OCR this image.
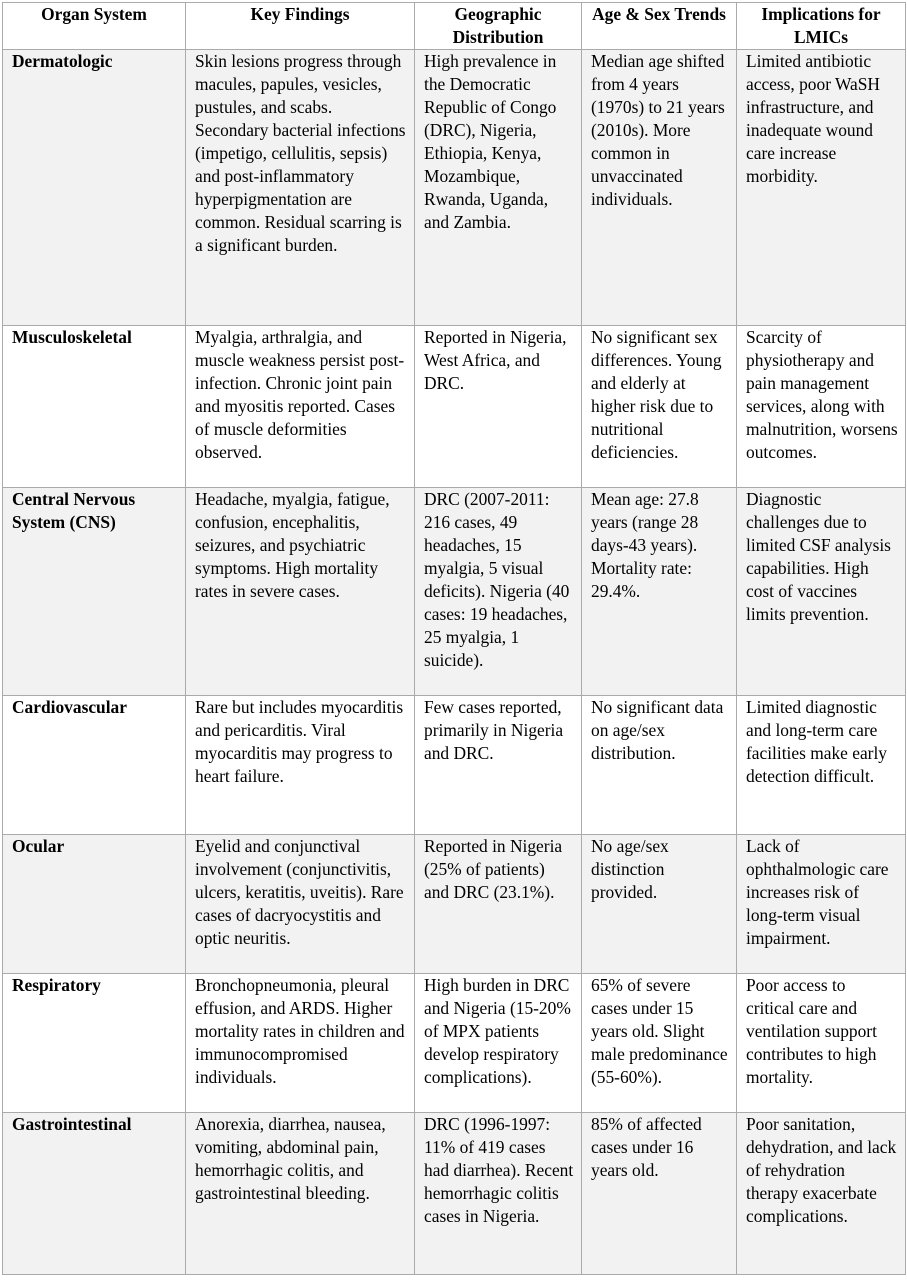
Organ System	Key Findings	Geographic Distribution	Age & Sex Trends	Implications for LMICs
Dermatologic	Skin lesions progress through macules, papules, vesicles, pustules, and scabs. Secondary bacterial infections (impetigo, cellulitis, sepsis) and post-inflammatory hyperpigmentation are common. Residual scarring is a significant burden.	High prevalence in the Democratic Republic of Congo (DRC), Nigeria, Ethiopia, Kenya, Mozambique, Rwanda, Uganda, and Zambia.	Median age shifted from 4 years (1970s) to 21 years (2010s). More common in unvaccinated individuals.	Limited antibiotic access, poor WaSH infrastructure, and inadequate wound care increase morbidity.
Musculoskeletal	Myalgia, arthralgia, and muscle weakness persist post-infection. Chronic joint pain and myositis reported. Cases of muscle deformities observed.	Reported in Nigeria, West Africa, and DRC.	No significant sex differences. Young and elderly at higher risk due to nutritional deficiencies.	Scarcity of physiotherapy and pain management services, along with malnutrition, worsens outcomes.
Central Nervous System (CNS)	Headache, myalgia, fatigue, confusion, encephalitis, seizures, and psychiatric symptoms. High mortality rates in severe cases.	DRC (2007-2011: 216 cases, 49 headaches, 15 myalgia, 5 visual deficits). Nigeria (40 cases: 19 headaches, 25 myalgia, 1 suicide).	Mean age: 27.8 years (range 28 days-43 years). Mortality rate: 29.4%.	Diagnostic challenges due to limited CSF analysis capabilities. High cost of vaccines limits prevention.
Cardiovascular	Rare but includes myocarditis and pericarditis. Viral myocarditis may progress to heart failure.	Few cases reported, primarily in Nigeria and DRC.	No significant data on age/sex distribution.	Limited diagnostic and long-term care facilities make early detection difficult.
Ocular	Eyelid and conjunctival involvement (conjunctivitis, ulcers, keratitis, uveitis). Rare cases of dacryocystitis and optic neuritis.	Reported in Nigeria (25% of patients) and DRC (23.1%).	No age/sex distinction provided.	Lack of ophthalmologic care increases risk of long-term visual impairment.
Respiratory	Bronchopneumonia, pleural effusion, and ARDS. Higher mortality rates in children and immunocompromised individuals.	High burden in DRC and Nigeria (15-20% of MPX patients develop respiratory complications).	65% of severe cases under 15 years old. Slight male predominance (55-60%).	Poor access to critical care and ventilation support contributes to high mortality.
Gastrointestinal	Anorexia, diarrhea, nausea, vomiting, abdominal pain, hemorrhagic colitis, and gastrointestinal bleeding.	DRC (1996-1997: 11% of 419 cases had diarrhea). Recent hemorrhagic colitis cases in Nigeria.	85% of affected cases under 16 years old.	Poor sanitation, dehydration, and lack of rehydration therapy exacerbate complications.
